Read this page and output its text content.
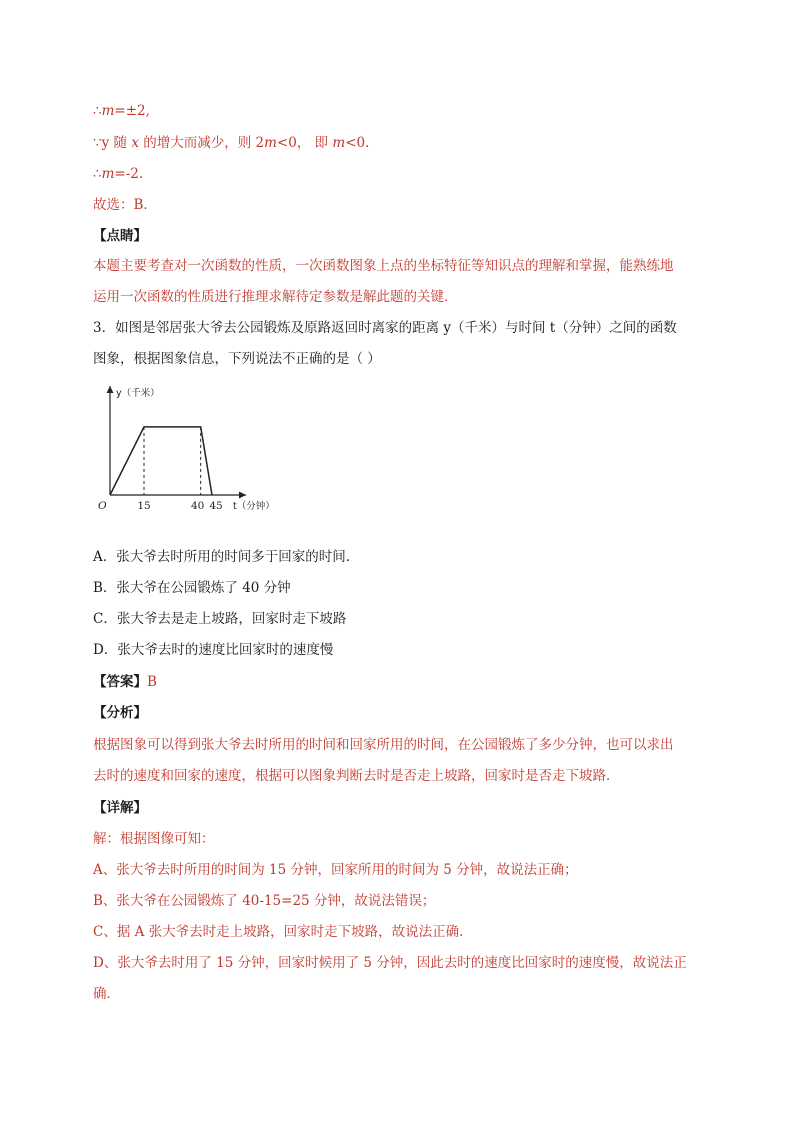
∴m=±2,
∵y 随 x 的增大而减少，则 2m<0， 即 m<0.
∴m=-2.
故选：B．
【点睛】
本题主要考查对一次函数的性质，一次函数图象上点的坐标特征等知识点的理解和掌握，能熟练地
运用一次函数的性质进行推理求解待定参数是解此题的关键．
3．如图是邻居张大爷去公园锻炼及原路返回时离家的距离 y（千米）与时间 t（分钟）之间的函数
图象，根据图象信息，下列说法不正确的是（ ）
y（千米）
t（分钟）
O	15	40 45
A．张大爷去时所用的时间多于回家的时间．
B．张大爷在公园锻炼了 40 分钟
C．张大爷去是走上坡路，回家时走下坡路
D．张大爷去时的速度比回家时的速度慢
【答案】B
【分析】
根据图象可以得到张大爷去时所用的时间和回家所用的时间，在公园锻炼了多少分钟，也可以求出
去时的速度和回家的速度，根据可以图象判断去时是否走上坡路，回家时是否走下坡路．
【详解】
解：根据图像可知：
A、张大爷去时所用的时间为 15 分钟，回家所用的时间为 5 分钟，故说法正确；
B、张大爷在公园锻炼了 40-15=25 分钟，故说法错误；
C、据 A 张大爷去时走上坡路，回家时走下坡路，故说法正确．
D、张大爷去时用了 15 分钟，回家时候用了 5 分钟，因此去时的速度比回家时的速度慢，故说法正
确．
